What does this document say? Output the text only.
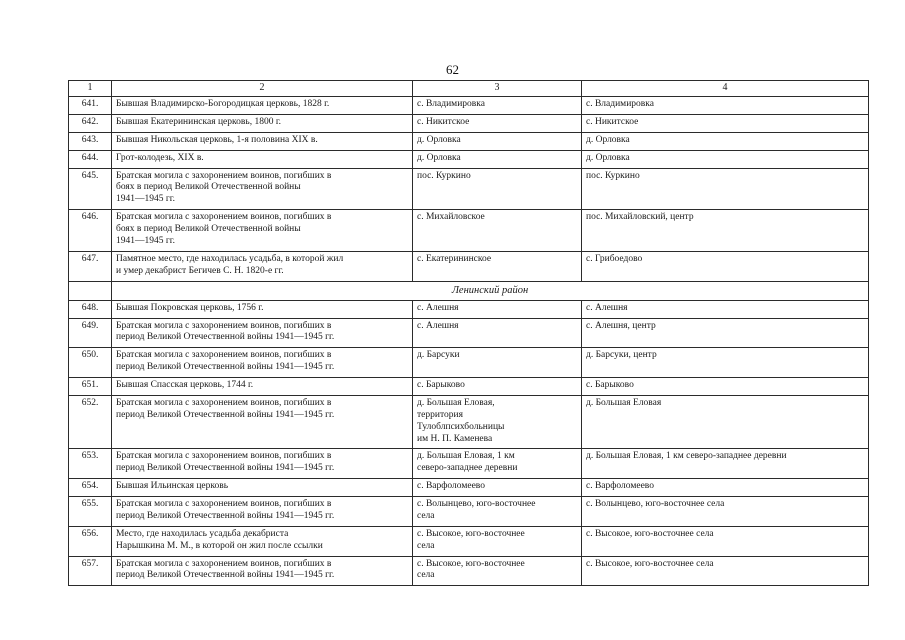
62
1	2	3	4
641.	Бывшая Владимирско-Богородицкая церковь, 1828 г.	с. Владимировка	с. Владимировка

642.	Бывшая Екатерининская церковь, 1800 г.	с. Никитское	с. Никитское

643.	Бывшая Никольская церковь, 1-я половина XIX в.	д. Орловка	д. Орловка

644.	Грот-колодезь, XIX в.	д. Орловка	д. Орловка

645.	Братская могила с захоронением воинов, погибших в
боях в период Великой Отечественной войны
1941—1945 гг.	пос. Куркино	пос. Куркино

646.	Братская могила с захоронением воинов, погибших в
боях в период Великой Отечественной войны
1941—1945 гг.	с. Михайловское	пос. Михайловский, центр

647.	Памятное место, где находилась усадьба, в которой жил
и умер декабрист Бегичев С. Н. 1820-е гг.	с. Екатерининское	с. Грибоедово

	Ленинский район		
648.	Бывшая Покровская церковь, 1756 г.	с. Алешня	с. Алешня

649.	Братская могила с захоронением воинов, погибших в
период Великой Отечественной войны 1941—1945 гг.	с. Алешня	с. Алешня, центр

650.	Братская могила с захоронением воинов, погибших в
период Великой Отечественной войны 1941—1945 гг.	д. Барсуки	д. Барсуки, центр

651.	Бывшая Спасская церковь, 1744 г.	с. Барыково	с. Барыково

652.	Братская могила с захоронением воинов, погибших в
период Великой Отечественной войны 1941—1945 гг.	д. Большая Еловая,
территория
Тулоблпсихбольницы
им Н. П. Каменева	д. Большая Еловая

653.	Братская могила с захоронением воинов, погибших в
период Великой Отечественной войны 1941—1945 гг.	д. Большая Еловая, 1 км
северо-западнее деревни	д. Большая Еловая, 1 км северо-западнее деревни

654.	Бывшая Ильинская церковь	с. Варфоломеево	с. Варфоломеево

655.	Братская могила с захоронением воинов, погибших в
период Великой Отечественной войны 1941—1945 гг.	с. Волынцево, юго-восточнее
села	с. Волынцево, юго-восточнее села

656.	Место, где находилась усадьба декабриста
Нарышкина М. М., в которой он жил после ссылки	с. Высокое, юго-восточнее
села	с. Высокое, юго-восточнее села

657.	Братская могила с захоронением воинов, погибших в
период Великой Отечественной войны 1941—1945 гг.	с. Высокое, юго-восточнее
села	с. Высокое, юго-восточнее села
